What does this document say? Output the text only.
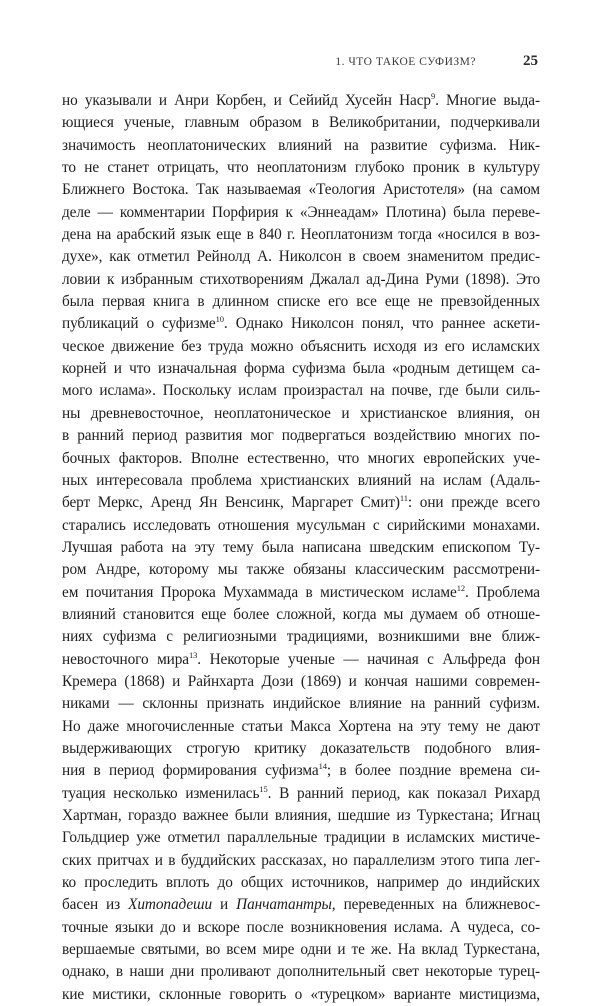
1. ЧТО ТАКОЕ СУФИЗМ?	25
но указывали и Анри Корбен, и Сейийд Хусейн Наср$^9$. Многие выда-
ющиеся ученые, главным образом в Великобритании, подчеркивали
значимость неоплатонических влияний на развитие суфизма. Ник-
то не станет отрицать, что неоплатонизм глубоко проник в культуру
Ближнего Востока. Так называемая «Теология Аристотеля» (на самом
деле — комментарии Порфирия к «Эннеадам» Плотина) была переве-
дена на арабский язык еще в 840 г. Неоплатонизм тогда «носился в воз-
духе», как отметил Рейнолд А. Николсон в своем знаменитом предис-
ловии к избранным стихотворениям Джалал ад-Дина Руми (1898). Это
была первая книга в длинном списке его все еще не превзойденных
публикаций о суфизме$^{10}$. Однако Николсон понял, что раннее аскети-
ческое движение без труда можно объяснить исходя из его исламских
корней и что изначальная форма суфизма была «родным детищем са-
мого ислама». Поскольку ислам произрастал на почве, где были силь-
ны древневосточное, неоплатоническое и христианское влияния, он
в ранний период развития мог подвергаться воздействию многих по-
бочных факторов. Вполне естественно, что многих европейских уче-
ных интересовала проблема христианских влияний на ислам (Адаль-
берт Меркс, Аренд Ян Венсинк, Маргарет Смит)$^{11}$: они прежде всего
старались исследовать отношения мусульман с сирийскими монахами.
Лучшая работа на эту тему была написана шведским епископом Ту-
ром Андре, которому мы также обязаны классическим рассмотрени-
ем почитания Пророка Мухаммада в мистическом исламе$^{12}$. Проблема
влияний становится еще более сложной, когда мы думаем об отноше-
ниях суфизма с религиозными традициями, возникшими вне ближ-
невосточного мира$^{13}$. Некоторые ученые — начиная с Альфреда фон
Кремера (1868) и Райнхарта Дози (1869) и кончая нашими современ-
никами — склонны признать индийское влияние на ранний суфизм.
Но даже многочисленные статьи Макса Хортена на эту тему не дают
выдерживающих строгую критику доказательств подобного влия-
ния в период формирования суфизма$^{14}$; в более поздние времена си-
туация несколько изменилась$^{15}$. В ранний период, как показал Рихард
Хартман, гораздо важнее были влияния, шедшие из Туркестана; Игнац
Гольдциер уже отметил параллельные традиции в исламских мистиче-
ских притчах и в буддийских рассказах, но параллелизм этого типа лег-
ко проследить вплоть до общих источников, например до индийских
басен из Хитопадеши и Панчатантры, переведенных на ближневос-
точные языки до и вскоре после возникновения ислама. А чудеса, со-
вершаемые святыми, во всем мире одни и те же. На вклад Туркестана,
однако, в наши дни проливают дополнительный свет некоторые турец-
кие мистики, склонные говорить о «турецком» варианте мистицизма,
